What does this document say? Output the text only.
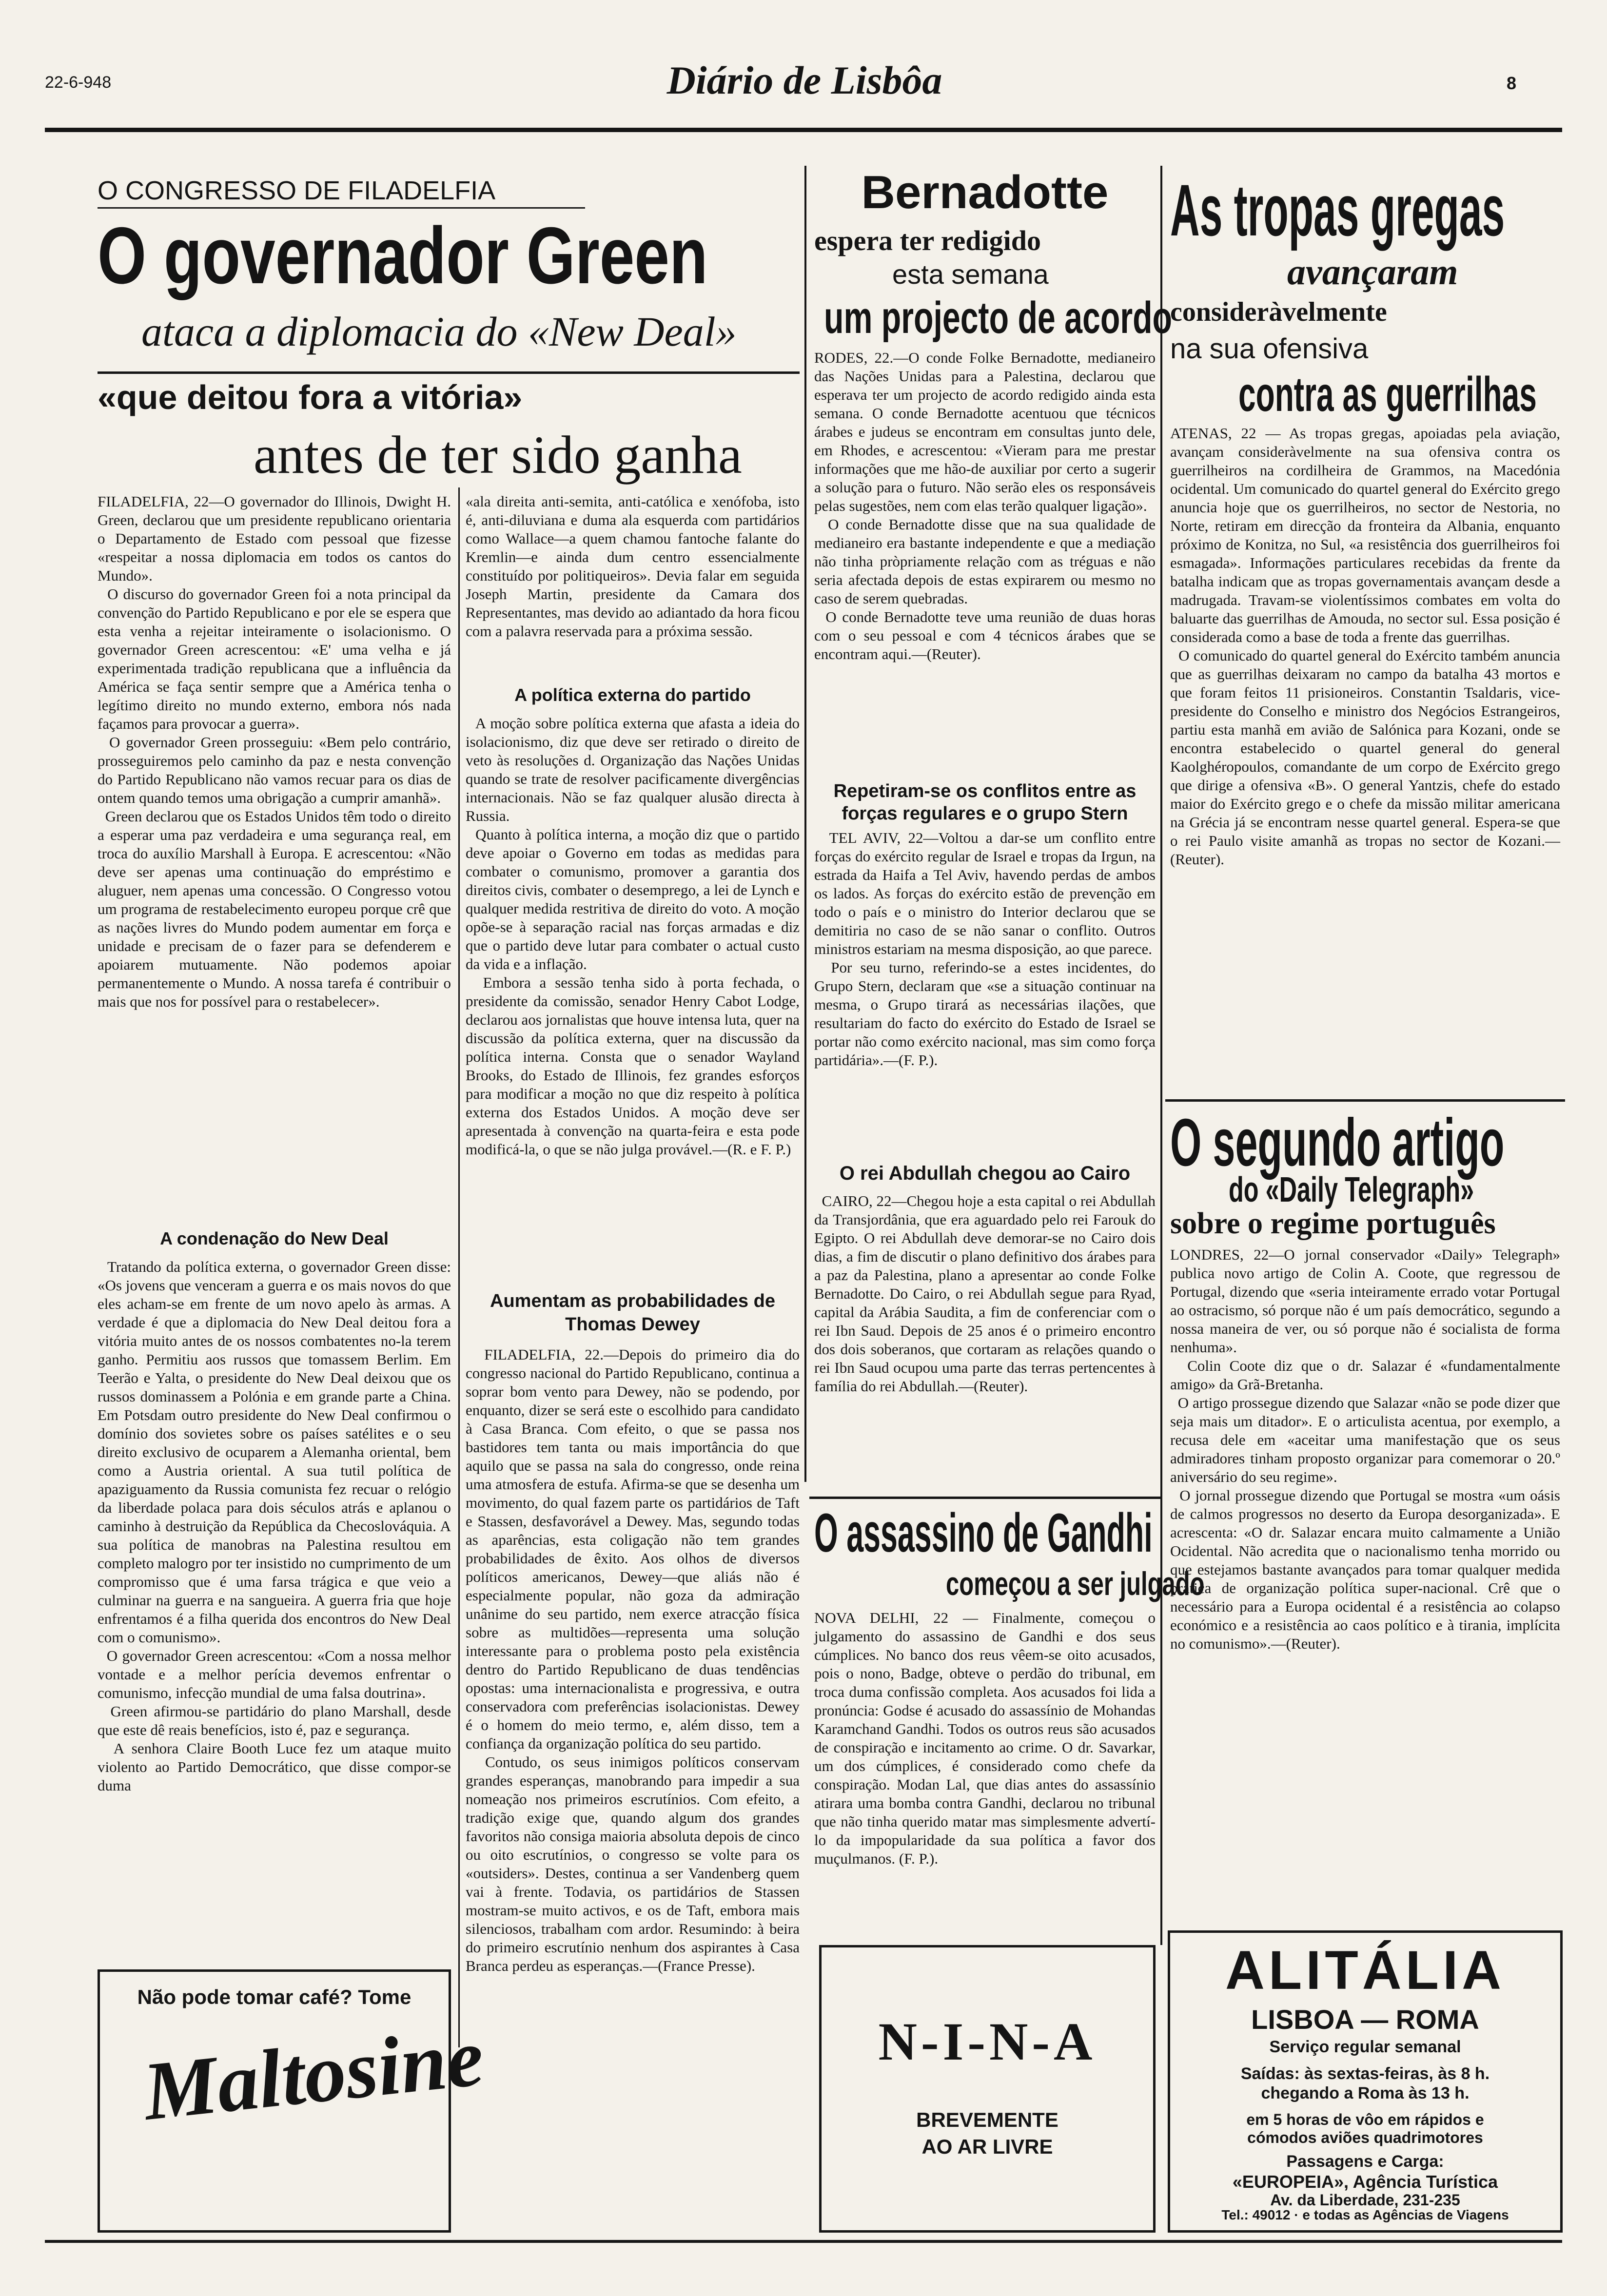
22-6-948	Diário de Lisbôa	8
O CONGRESSO DE FILADELFIA
O governador Green
ataca a diplomacia do «New Deal»
«que deitou fora a vitória»
antes de ter sido ganha
FILADELFIA, 22—O governador do Illinois, Dwight H. Green, declarou que um presidente republicano orientaria o Departamento de Estado com pessoal que fizesse «respeitar a nossa diplomacia em todos os cantos do Mundo».
O discurso do governador Green foi a nota principal da convenção do Partido Republicano e por ele se espera que esta venha a rejeitar inteiramente o isolacionismo. O governador Green acrescentou: «E' uma velha e já experimentada tradição republicana que a influência da América se faça sentir sempre que a América tenha o legítimo direito no mundo externo, embora nós nada façamos para provocar a guerra».
O governador Green prosseguiu: «Bem pelo contrário, prosseguiremos pelo caminho da paz e nesta convenção do Partido Republicano não vamos recuar para os dias de ontem quando temos uma obrigação a cumprir amanhã».
Green declarou que os Estados Unidos têm todo o direito a esperar uma paz verdadeira e uma segurança real, em troca do auxílio Marshall à Europa. E acrescentou: «Não deve ser apenas uma continuação do empréstimo e aluguer, nem apenas uma concessão. O Congresso votou um programa de restabelecimento europeu porque crê que as nações livres do Mundo podem aumentar em força e unidade e precisam de o fazer para se defenderem e apoiarem mutuamente. Não podemos apoiar permanentemente o Mundo. A nossa tarefa é contribuir o mais que nos for possível para o restabelecer».
A condenação do New Deal
Tratando da política externa, o governador Green disse: «Os jovens que venceram a guerra e os mais novos do que eles acham-se em frente de um novo apelo às armas. A verdade é que a diplomacia do New Deal deitou fora a vitória muito antes de os nossos combatentes no-la terem ganho. Permitiu aos russos que tomassem Berlim. Em Teerão e Yalta, o presidente do New Deal deixou que os russos dominassem a Polónia e em grande parte a China. Em Potsdam outro presidente do New Deal confirmou o domínio dos sovietes sobre os países satélites e o seu direito exclusivo de ocuparem a Alemanha oriental, bem como a Austria oriental. A sua tutil política de apaziguamento da Russia comunista fez recuar o relógio da liberdade polaca para dois séculos atrás e aplanou o caminho à destruição da República da Checoslováquia. A sua política de manobras na Palestina resultou em completo malogro por ter insistido no cumprimento de um compromisso que é uma farsa trágica e que veio a culminar na guerra e na sangueira. A guerra fria que hoje enfrentamos é a filha querida dos encontros do New Deal com o comunismo».
O governador Green acrescentou: «Com a nossa melhor vontade e a melhor perícia devemos enfrentar o comunismo, infecção mundial de uma falsa doutrina».
Green afirmou-se partidário do plano Marshall, desde que este dê reais benefícios, isto é, paz e segurança.
A senhora Claire Booth Luce fez um ataque muito violento ao Partido Democrático, que disse compor-se duma
«ala direita anti-semita, anti-católica e xenófoba, isto é, anti-diluviana e duma ala esquerda com partidários como Wallace—a quem chamou fantoche falante do Kremlin—e ainda dum centro essencialmente constituído por politiqueiros». Devia falar em seguida Joseph Martin, presidente da Camara dos Representantes, mas devido ao adiantado da hora ficou com a palavra reservada para a próxima sessão.
A política externa do partido
A moção sobre política externa que afasta a ideia do isolacionismo, diz que deve ser retirado o direito de veto às resoluções d. Organização das Nações Unidas quando se trate de resolver pacificamente divergências internacionais. Não se faz qualquer alusão directa à Russia.
Quanto à política interna, a moção diz que o partido deve apoiar o Governo em todas as medidas para combater o comunismo, promover a garantia dos direitos civis, combater o desemprego, a lei de Lynch e qualquer medida restritiva de direito do voto. A moção opõe-se à separação racial nas forças armadas e diz que o partido deve lutar para combater o actual custo da vida e a inflação.
Embora a sessão tenha sido à porta fechada, o presidente da comissão, senador Henry Cabot Lodge, declarou aos jornalistas que houve intensa luta, quer na discussão da política externa, quer na discussão da política interna. Consta que o senador Wayland Brooks, do Estado de Illinois, fez grandes esforços para modificar a moção no que diz respeito à política externa dos Estados Unidos. A moção deve ser apresentada à convenção na quarta-feira e esta pode modificá-la, o que se não julga provável.—(R. e F. P.)
Aumentam as probabilidades de Thomas Dewey
FILADELFIA, 22.—Depois do primeiro dia do congresso nacional do Partido Republicano, continua a soprar bom vento para Dewey, não se podendo, por enquanto, dizer se será este o escolhido para candidato à Casa Branca. Com efeito, o que se passa nos bastidores tem tanta ou mais importância do que aquilo que se passa na sala do congresso, onde reina uma atmosfera de estufa. Afirma-se que se desenha um movimento, do qual fazem parte os partidários de Taft e Stassen, desfavorável a Dewey. Mas, segundo todas as aparências, esta coligação não tem grandes probabilidades de êxito. Aos olhos de diversos políticos americanos, Dewey—que aliás não é especialmente popular, não goza da admiração unânime do seu partido, nem exerce atracção física sobre as multidões—representa uma solução interessante para o problema posto pela existência dentro do Partido Republicano de duas tendências opostas: uma internacionalista e progressiva, e outra conservadora com preferências isolacionistas. Dewey é o homem do meio termo, e, além disso, tem a confiança da organização política do seu partido.
Contudo, os seus inimigos políticos conservam grandes esperanças, manobrando para impedir a sua nomeação nos primeiros escrutínios. Com efeito, a tradição exige que, quando algum dos grandes favoritos não consiga maioria absoluta depois de cinco ou oito escrutínios, o congresso se volte para os «outsiders». Destes, continua a ser Vandenberg quem vai à frente. Todavia, os partidários de Stassen mostram-se muito activos, e os de Taft, embora mais silenciosos, trabalham com ardor. Resumindo: à beira do primeiro escrutínio nenhum dos aspirantes à Casa Branca perdeu as esperanças.—(France Presse).
Bernadotte
espera ter redigido
esta semana
um projecto de acordo
RODES, 22.—O conde Folke Bernadotte, medianeiro das Nações Unidas para a Palestina, declarou que esperava ter um projecto de acordo redigido ainda esta semana. O conde Bernadotte acentuou que técnicos árabes e judeus se encontram em consultas junto dele, em Rhodes, e acrescentou: «Vieram para me prestar informações que me hão-de auxiliar por certo a sugerir a solução para o futuro. Não serão eles os responsáveis pelas sugestões, nem com elas terão qualquer ligação».
O conde Bernadotte disse que na sua qualidade de medianeiro era bastante independente e que a mediação não tinha pròpriamente relação com as tréguas e não seria afectada depois de estas expirarem ou mesmo no caso de serem quebradas.
O conde Bernadotte teve uma reunião de duas horas com o seu pessoal e com 4 técnicos árabes que se encontram aqui.—(Reuter).
Repetiram-se os conflitos entre as forças regulares e o grupo Stern
TEL AVIV, 22—Voltou a dar-se um conflito entre forças do exército regular de Israel e tropas da Irgun, na estrada da Haifa a Tel Aviv, havendo perdas de ambos os lados. As forças do exército estão de prevenção em todo o país e o ministro do Interior declarou que se demitiria no caso de se não sanar o conflito. Outros ministros estariam na mesma disposição, ao que parece.
Por seu turno, referindo-se a estes incidentes, do Grupo Stern, declaram que «se a situação continuar na mesma, o Grupo tirará as necessárias ilações, que resultariam do facto do exército do Estado de Israel se portar não como exército nacional, mas sim como força partidária».—(F. P.).
O rei Abdullah chegou ao Cairo
CAIRO, 22—Chegou hoje a esta capital o rei Abdullah da Transjordânia, que era aguardado pelo rei Farouk do Egipto. O rei Abdullah deve demorar-se no Cairo dois dias, a fim de discutir o plano definitivo dos árabes para a paz da Palestina, plano a apresentar ao conde Folke Bernadotte. Do Cairo, o rei Abdullah segue para Ryad, capital da Arábia Saudita, a fim de conferenciar com o rei Ibn Saud. Depois de 25 anos é o primeiro encontro dos dois soberanos, que cortaram as relações quando o rei Ibn Saud ocupou uma parte das terras pertencentes à família do rei Abdullah.—(Reuter).
O assassino de Gandhi
começou a ser julgado
NOVA DELHI, 22 — Finalmente, começou o julgamento do assassino de Gandhi e dos seus cúmplices. No banco dos reus vêem-se oito acusados, pois o nono, Badge, obteve o perdão do tribunal, em troca duma confissão completa. Aos acusados foi lida a pronúncia: Godse é acusado do assassínio de Mohandas Karamchand Gandhi. Todos os outros reus são acusados de conspiração e incitamento ao crime. O dr. Savarkar, um dos cúmplices, é considerado como chefe da conspiração. Modan Lal, que dias antes do assassínio atirara uma bomba contra Gandhi, declarou no tribunal que não tinha querido matar mas simplesmente advertí-lo da impopularidade da sua política a favor dos muçulmanos. (F. P.).
As tropas gregas
avançaram
consideràvelmente
na sua ofensiva
contra as guerrilhas
ATENAS, 22 — As tropas gregas, apoiadas pela aviação, avançam consideràvelmente na sua ofensiva contra os guerrilheiros na cordilheira de Grammos, na Macedónia ocidental. Um comunicado do quartel general do Exército grego anuncia hoje que os guerrilheiros, no sector de Nestoria, no Norte, retiram em direcção da fronteira da Albania, enquanto próximo de Konitza, no Sul, «a resistência dos guerrilheiros foi esmagada». Informações particulares recebidas da frente da batalha indicam que as tropas governamentais avançam desde a madrugada. Travam-se violentíssimos combates em volta do baluarte das guerrilhas de Amouda, no sector sul. Essa posição é considerada como a base de toda a frente das guerrilhas.
O comunicado do quartel general do Exército também anuncia que as guerrilhas deixaram no campo da batalha 43 mortos e que foram feitos 11 prisioneiros. Constantin Tsaldaris, vice-presidente do Conselho e ministro dos Negócios Estrangeiros, partiu esta manhã em avião de Salónica para Kozani, onde se encontra estabelecido o quartel general do general Kaolghéropoulos, comandante de um corpo de Exército grego que dirige a ofensiva «B». O general Yantzis, chefe do estado maior do Exército grego e o chefe da missão militar americana na Grécia já se encontram nesse quartel general. Espera-se que o rei Paulo visite amanhã as tropas no sector de Kozani.—(Reuter).
O segundo artigo
do «Daily Telegraph»
sobre o regime português
LONDRES, 22—O jornal conservador «Daily» Telegraph» publica novo artigo de Colin A. Coote, que regressou de Portugal, dizendo que «seria inteiramente errado votar Portugal ao ostracismo, só porque não é um país democrático, segundo a nossa maneira de ver, ou só porque não é socialista de forma nenhuma».
Colin Coote diz que o dr. Salazar é «fundamentalmente amigo» da Grã-Bretanha.
O artigo prossegue dizendo que Salazar «não se pode dizer que seja mais um ditador». E o articulista acentua, por exemplo, a recusa dele em «aceitar uma manifestação que os seus admiradores tinham proposto organizar para comemorar o 20.º aniversário do seu regime».
O jornal prossegue dizendo que Portugal se mostra «um oásis de calmos progressos no deserto da Europa desorganizada». E acrescenta: «O dr. Salazar encara muito calmamente a União Ocidental. Não acredita que o nacionalismo tenha morrido ou que estejamos bastante avançados para tomar qualquer medida prática de organização política super-nacional. Crê que o necessário para a Europa ocidental é a resistência ao colapso económico e a resistência ao caos político e à tirania, implícita no comunismo».—(Reuter).
Não pode tomar café? Tome
Maltosine	N-I-N-A
BREVEMENTE
AO AR LIVRE
ALITÁLIA
LISBOA — ROMA
Serviço regular semanal
Saídas: às sextas-feiras, às 8 h.
chegando a Roma às 13 h.
em 5 horas de vôo em rápidos e
cómodos aviões quadrimotores
Passagens e Carga:
«EUROPEIA», Agência Turística
Av. da Liberdade, 231-235
Tel.: 49012 · e todas as Agências de Viagens
